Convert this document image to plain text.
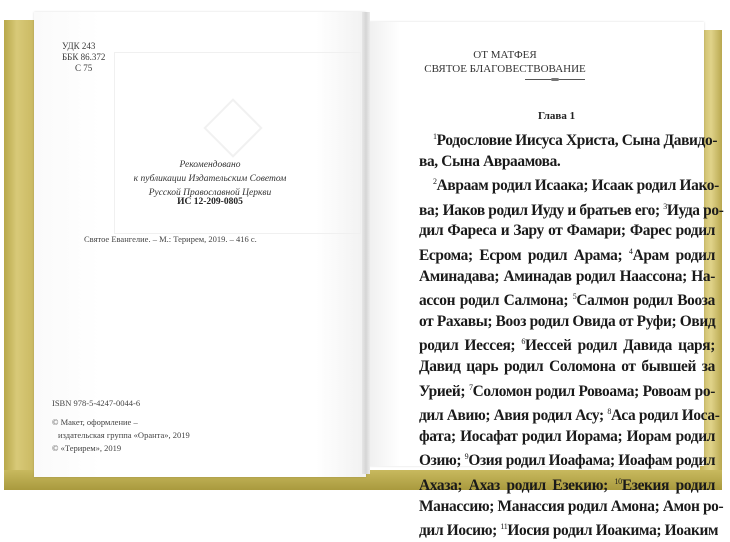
УДК 243
ББК 86.372
С 75
Рекомендовано
к публикации Издательским Советом
Русской Православной Церкви
ИС 12-209-0805
Святое Евангелие. – М.: Терирем, 2019. – 416 с.
ISBN 978-5-4247-0044-6
© Макет, оформление –
издательская группа «Оранта», 2019
© «Терирем», 2019
ОТ МАТФЕЯ
СВЯТОЕ БЛАГОВЕСТВОВАНИЕ
Глава 1
$^1$Родословие Иисуса Христа, Сына Давидо-
ва, Сына Авраамова.
$^2$Авраам родил Исаака; Исаак родил Иако-
ва; Иаков родил Иуду и братьев его; $^3$Иуда ро-
дил Фареса и Зару от Фамари; Фарес родил
Есрома; Есром родил Арама; $^4$Арам родил
Аминадава; Аминадав родил Наассона; На-
ассон родил Салмона; $^5$Салмон родил Вооза
от Рахавы; Вооз родил Овида от Руфи; Овид
родил Иессея; $^6$Иессей родил Давида царя;
Давид царь родил Соломона от бывшей за
Урией; $^7$Соломон родил Ровоама; Ровоам ро-
дил Авию; Авия родил Асу; $^8$Аса родил Иоса-
фата; Иосафат родил Иорама; Иорам родил
Озию; $^9$Озия родил Иоафама; Иоафам родил
Ахаза; Ахаз родил Езекию; $^{10}$Езекия родил
Манассию; Манассия родил Амона; Амон ро-
дил Иосию; $^{11}$Иосия родил Иоакима; Иоаким
